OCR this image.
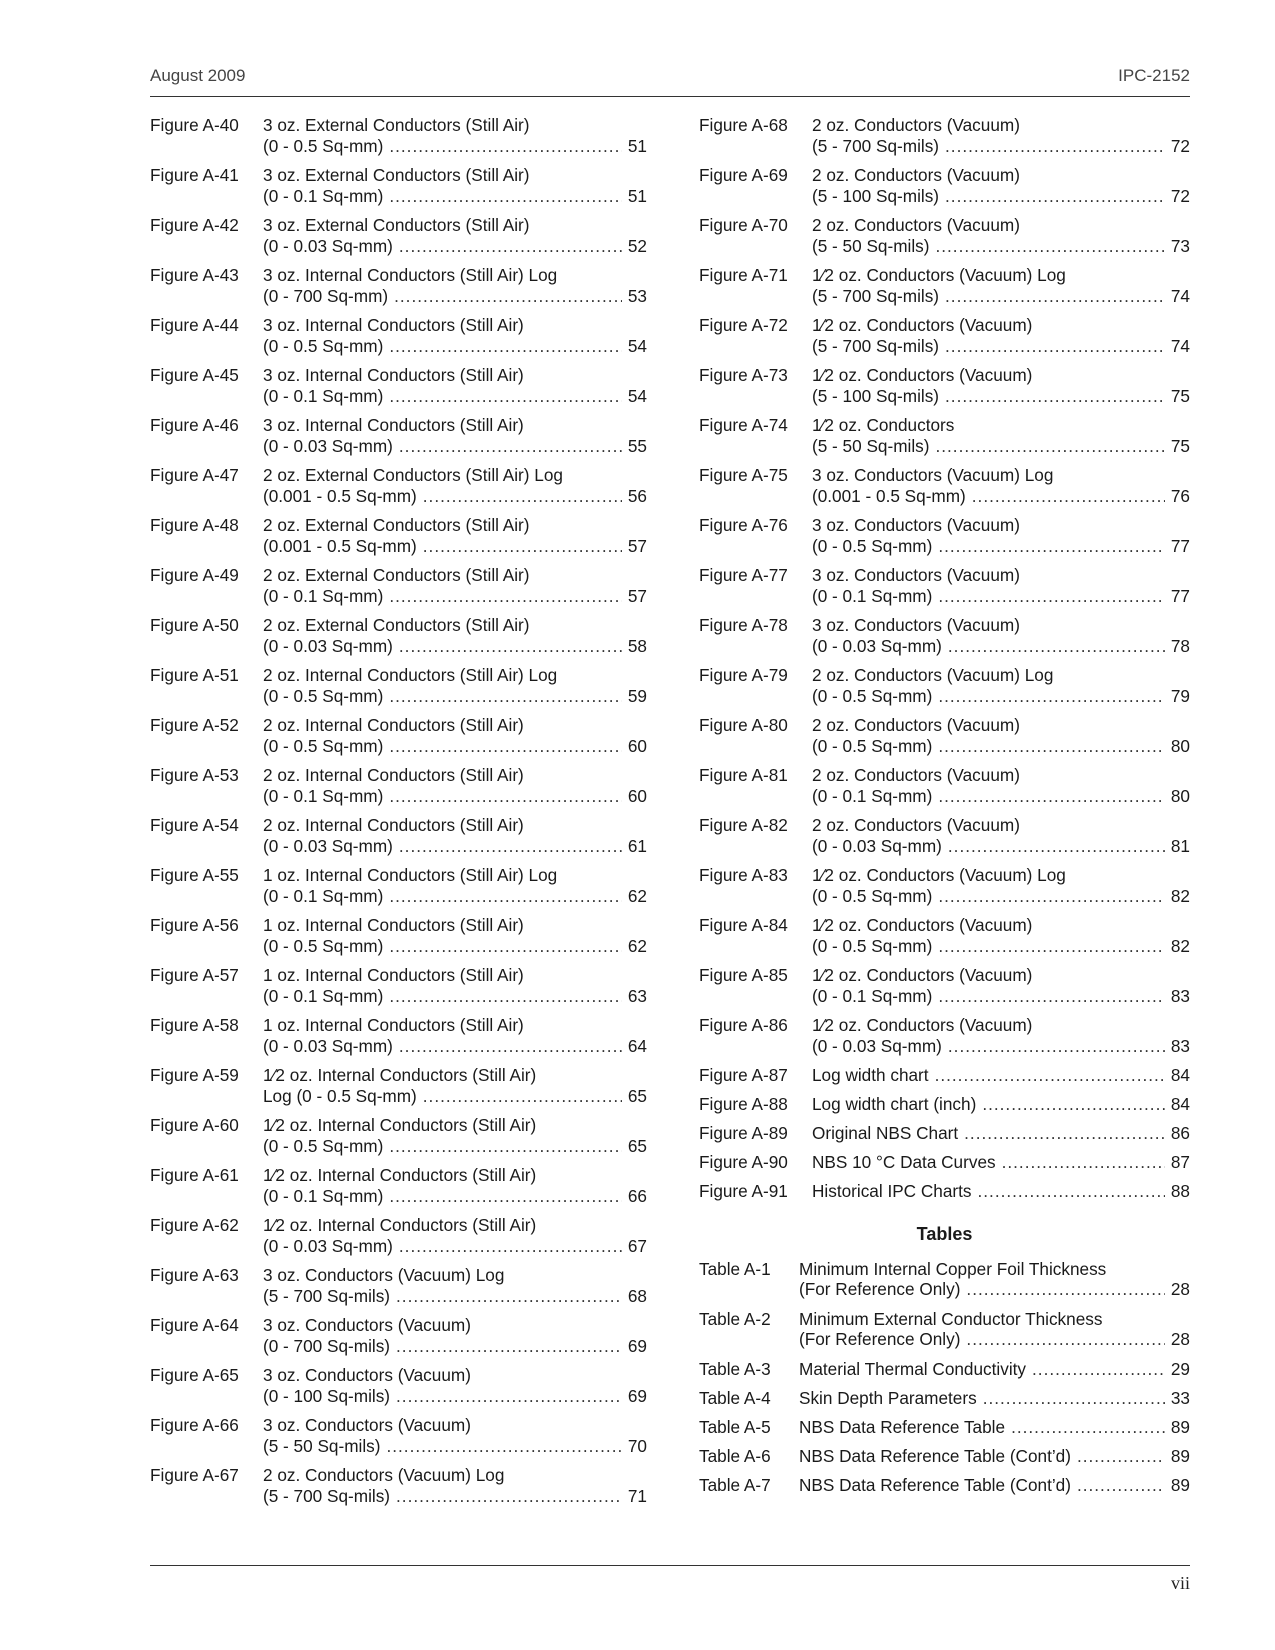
August 2009	IPC-2152
Figure A-40 3 oz. External Conductors (Still Air)
(0 - 0.5 Sq-mm) .....	51
Figure A-41 3 oz. External Conductors (Still Air)
(0 - 0.1 Sq-mm) .....	51
Figure A-42 3 oz. External Conductors (Still Air)
(0 - 0.03 Sq-mm) .....	52
Figure A-43 3 oz. Internal Conductors (Still Air) Log
(0 - 700 Sq-mm) .....	53
Figure A-44 3 oz. Internal Conductors (Still Air)
(0 - 0.5 Sq-mm) .....	54
Figure A-45 3 oz. Internal Conductors (Still Air)
(0 - 0.1 Sq-mm) .....	54
Figure A-46 3 oz. Internal Conductors (Still Air)
(0 - 0.03 Sq-mm) .....	55
Figure A-47 2 oz. External Conductors (Still Air) Log
(0.001 - 0.5 Sq-mm) .....	56
Figure A-48 2 oz. External Conductors (Still Air)
(0.001 - 0.5 Sq-mm) .....	57
Figure A-49 2 oz. External Conductors (Still Air)
(0 - 0.1 Sq-mm) .....	57
Figure A-50 2 oz. External Conductors (Still Air)
(0 - 0.03 Sq-mm) .....	58
Figure A-51 2 oz. Internal Conductors (Still Air) Log
(0 - 0.5 Sq-mm) .....	59
Figure A-52 2 oz. Internal Conductors (Still Air)
(0 - 0.5 Sq-mm) .....	60
Figure A-53 2 oz. Internal Conductors (Still Air)
(0 - 0.1 Sq-mm) .....	60
Figure A-54 2 oz. Internal Conductors (Still Air)
(0 - 0.03 Sq-mm) .....	61
Figure A-55 1 oz. Internal Conductors (Still Air) Log
(0 - 0.1 Sq-mm) .....	62
Figure A-56 1 oz. Internal Conductors (Still Air)
(0 - 0.5 Sq-mm) .....	62
Figure A-57 1 oz. Internal Conductors (Still Air)
(0 - 0.1 Sq-mm) .....	63
Figure A-58 1 oz. Internal Conductors (Still Air)
(0 - 0.03 Sq-mm) .....	64
Figure A-59 1⁄2 oz. Internal Conductors (Still Air)
Log (0 - 0.5 Sq-mm) .....	65
Figure A-60 1⁄2 oz. Internal Conductors (Still Air)
(0 - 0.5 Sq-mm) .....	65
Figure A-61 1⁄2 oz. Internal Conductors (Still Air)
(0 - 0.1 Sq-mm) .....	66
Figure A-62 1⁄2 oz. Internal Conductors (Still Air)
(0 - 0.03 Sq-mm) .....	67
Figure A-63 3 oz. Conductors (Vacuum) Log
(5 - 700 Sq-mils) .....	68
Figure A-64 3 oz. Conductors (Vacuum)
(0 - 700 Sq-mils) .....	69
Figure A-65 3 oz. Conductors (Vacuum)
(0 - 100 Sq-mils) .....	69
Figure A-66 3 oz. Conductors (Vacuum)
(5 - 50 Sq-mils) .....	70
Figure A-67 2 oz. Conductors (Vacuum) Log
(5 - 700 Sq-mils) .....	71
Figure A-68 2 oz. Conductors (Vacuum)
(5 - 700 Sq-mils) .....	72
Figure A-69 2 oz. Conductors (Vacuum)
(5 - 100 Sq-mils) .....	72
Figure A-70 2 oz. Conductors (Vacuum)
(5 - 50 Sq-mils) .....	73
Figure A-71 1⁄2 oz. Conductors (Vacuum) Log
(5 - 700 Sq-mils) .....	74
Figure A-72 1⁄2 oz. Conductors (Vacuum)
(5 - 700 Sq-mils) .....	74
Figure A-73 1⁄2 oz. Conductors (Vacuum)
(5 - 100 Sq-mils) .....	75
Figure A-74 1⁄2 oz. Conductors
(5 - 50 Sq-mils) .....	75
Figure A-75 3 oz. Conductors (Vacuum) Log
(0.001 - 0.5 Sq-mm) .....	76
Figure A-76 3 oz. Conductors (Vacuum)
(0 - 0.5 Sq-mm) .....	77
Figure A-77 3 oz. Conductors (Vacuum)
(0 - 0.1 Sq-mm) .....	77
Figure A-78 3 oz. Conductors (Vacuum)
(0 - 0.03 Sq-mm) .....	78
Figure A-79 2 oz. Conductors (Vacuum) Log
(0 - 0.5 Sq-mm) .....	79
Figure A-80 2 oz. Conductors (Vacuum)
(0 - 0.5 Sq-mm) .....	80
Figure A-81 2 oz. Conductors (Vacuum)
(0 - 0.1 Sq-mm) .....	80
Figure A-82 2 oz. Conductors (Vacuum)
(0 - 0.03 Sq-mm) .....	81
Figure A-83 1⁄2 oz. Conductors (Vacuum) Log
(0 - 0.5 Sq-mm) .....	82
Figure A-84 1⁄2 oz. Conductors (Vacuum)
(0 - 0.5 Sq-mm) .....	82
Figure A-85 1⁄2 oz. Conductors (Vacuum)
(0 - 0.1 Sq-mm) .....	83
Figure A-86 1⁄2 oz. Conductors (Vacuum)
(0 - 0.03 Sq-mm) .....	83
Figure A-87 Log width chart .....	84
Figure A-88 Log width chart (inch) .....	84
Figure A-89 Original NBS Chart .....	86
Figure A-90 NBS 10 °C Data Curves .....	87
Figure A-91 Historical IPC Charts .....	88
Tables
Table A-1 Minimum Internal Copper Foil Thickness
(For Reference Only) .....	28
Table A-2 Minimum External Conductor Thickness
(For Reference Only) .....	28
Table A-3 Material Thermal Conductivity .....	29
Table A-4 Skin Depth Parameters .....	33
Table A-5 NBS Data Reference Table .....	89
Table A-6 NBS Data Reference Table (Cont’d) .....	89
Table A-7 NBS Data Reference Table (Cont’d) .....	89
vii
